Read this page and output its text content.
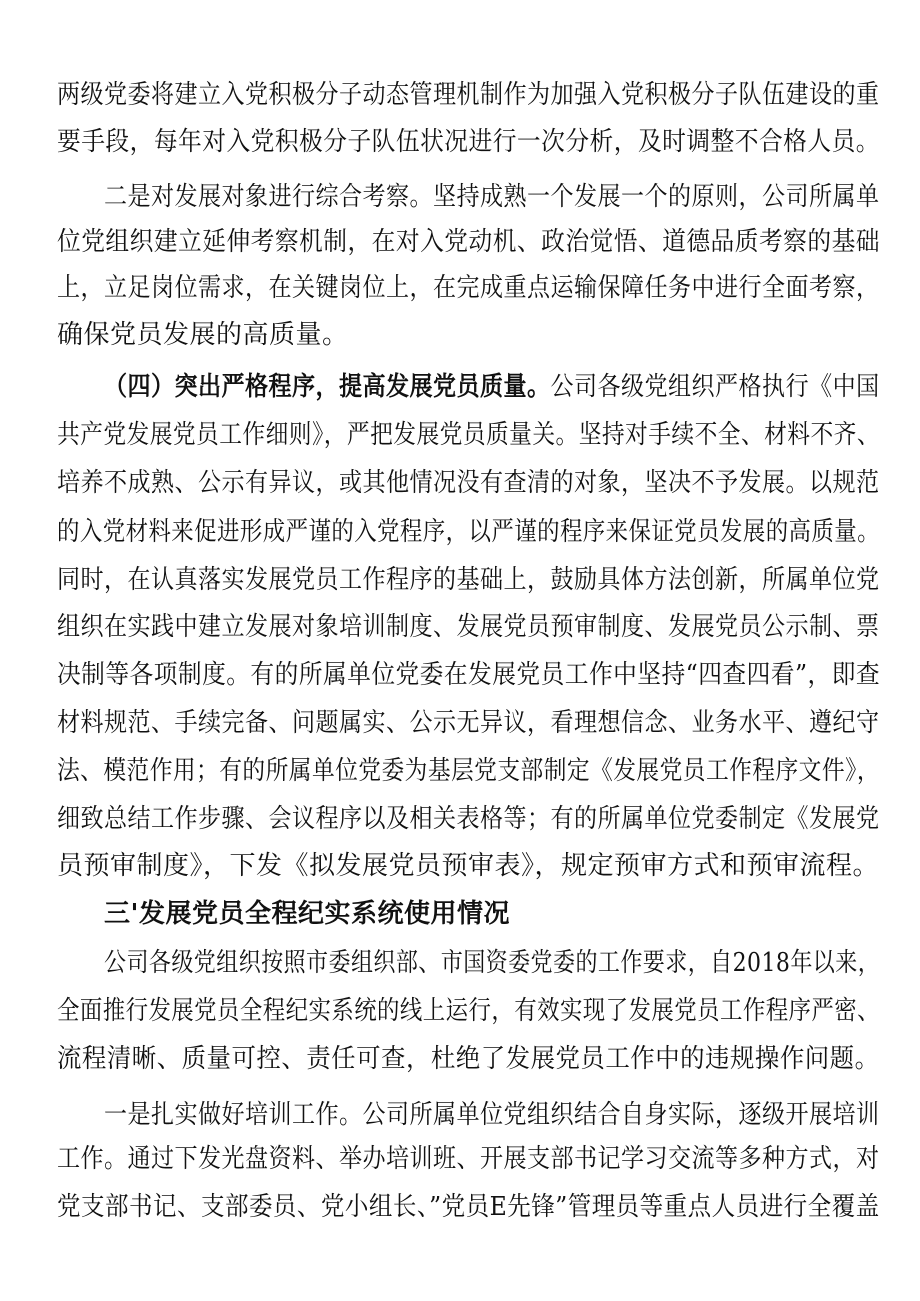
两级党委将建立入党积极分子动态管理机制作为加强入党积极分子队伍建设的重
要手段，每年对入党积极分子队伍状况进行一次分析，及时调整不合格人员。
二是对发展对象进行综合考察。坚持成熟一个发展一个的原则，公司所属单
位党组织建立延伸考察机制，在对入党动机、政治觉悟、道德品质考察的基础
上，立足岗位需求，在关键岗位上，在完成重点运输保障任务中进行全面考察，
确保党员发展的高质量。
（四）突出严格程序，提高发展党员质量。公司各级党组织严格执行《中国
共产党发展党员工作细则》，严把发展党员质量关。坚持对手续不全、材料不齐、
培养不成熟、公示有异议，或其他情况没有查清的对象，坚决不予发展。以规范
的入党材料来促进形成严谨的入党程序，以严谨的程序来保证党员发展的高质量。
同时，在认真落实发展党员工作程序的基础上，鼓励具体方法创新，所属单位党
组织在实践中建立发展对象培训制度、发展党员预审制度、发展党员公示制、票
决制等各项制度。有的所属单位党委在发展党员工作中坚持“四查四看”，即查
材料规范、手续完备、问题属实、公示无异议，看理想信念、业务水平、遵纪守
法、模范作用；有的所属单位党委为基层党支部制定《发展党员工作程序文件》，
细致总结工作步骤、会议程序以及相关表格等；有的所属单位党委制定《发展党
员预审制度》，下发《拟发展党员预审表》，规定预审方式和预审流程。
三'发展党员全程纪实系统使用情况
公司各级党组织按照市委组织部、市国资委党委的工作要求，自2018年以来，
全面推行发展党员全程纪实系统的线上运行，有效实现了发展党员工作程序严密、
流程清晰、质量可控、责任可查，杜绝了发展党员工作中的违规操作问题。
一是扎实做好培训工作。公司所属单位党组织结合自身实际，逐级开展培训
工作。通过下发光盘资料、举办培训班、开展支部书记学习交流等多种方式，对
党支部书记、支部委员、党小组长、”党员E先锋”管理员等重点人员进行全覆盖
